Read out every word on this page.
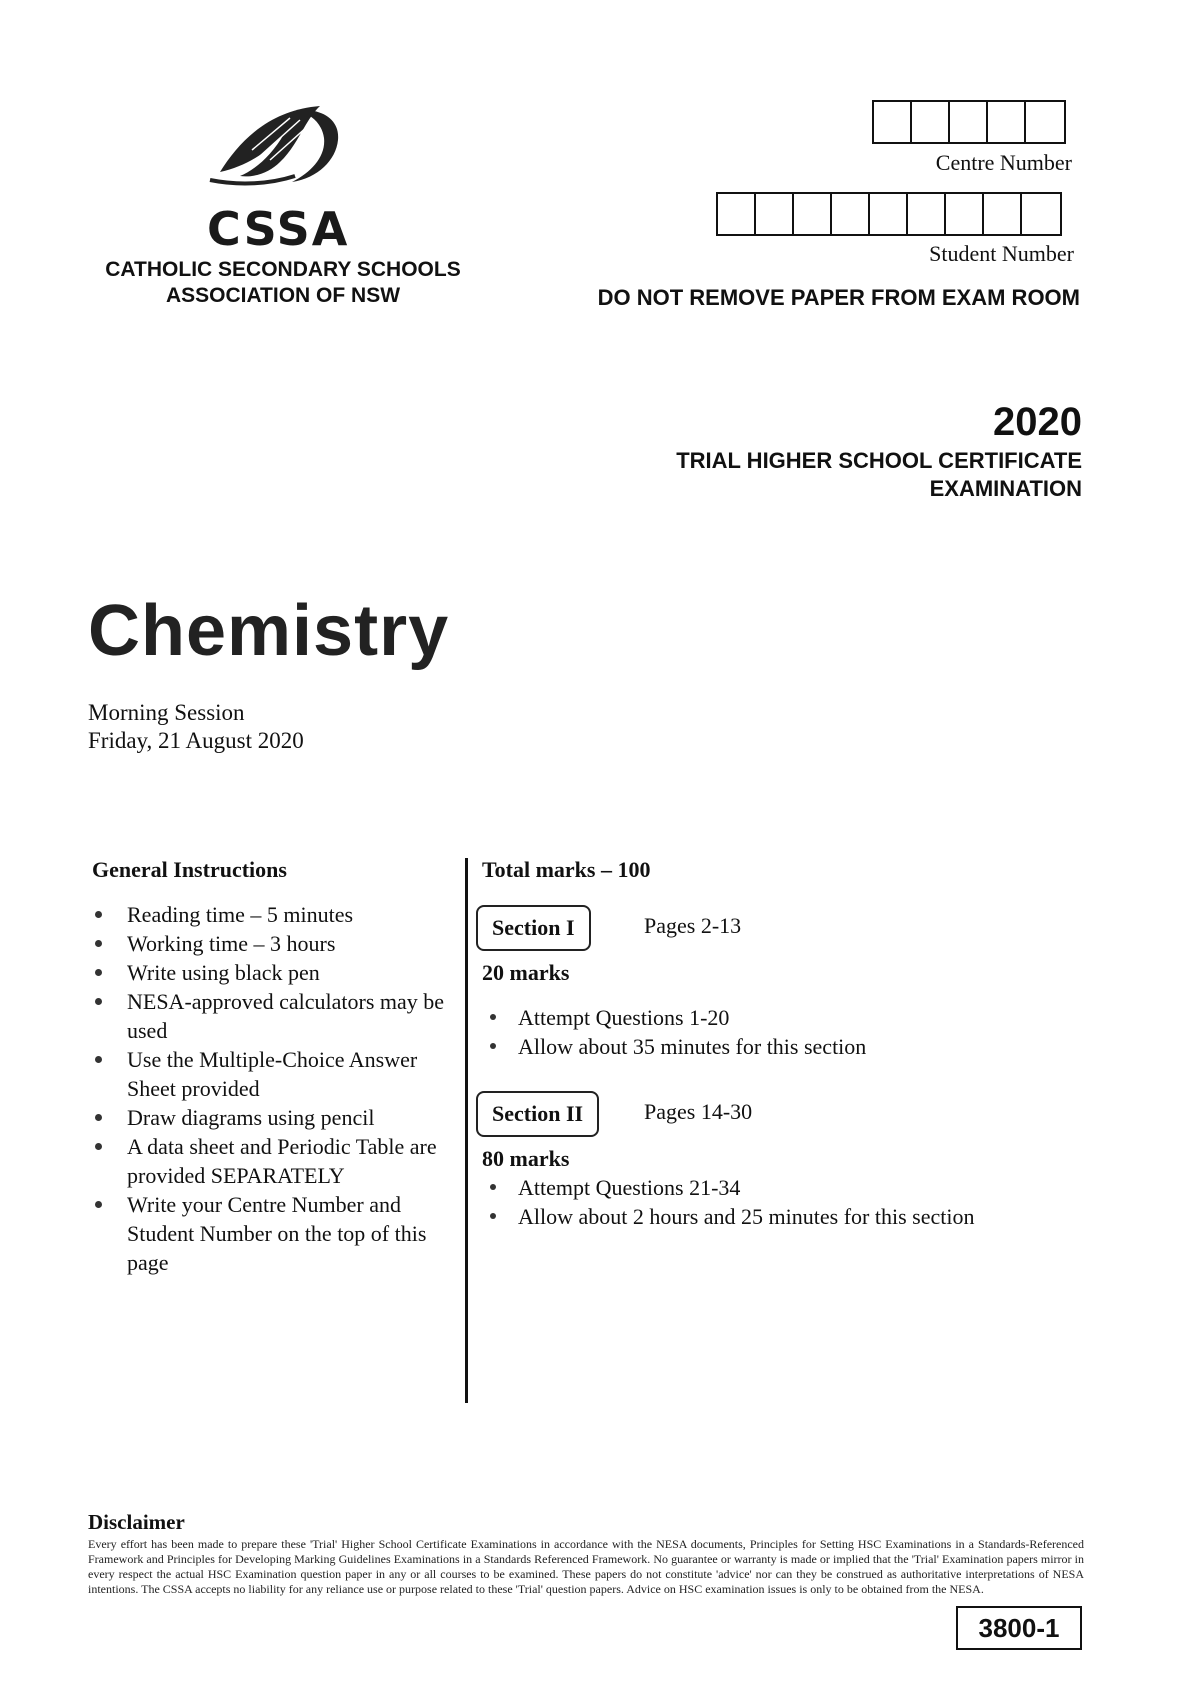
CSSA
CATHOLIC SECONDARY SCHOOLS
ASSOCIATION OF NSW
Centre Number
Student Number
DO NOT REMOVE PAPER FROM EXAM ROOM
2020
TRIAL HIGHER SCHOOL CERTIFICATE
EXAMINATION
Chemistry
Morning Session
Friday, 21 August 2020
General Instructions
Reading time – 5 minutes
Working time – 3 hours
Write using black pen
NESA-approved calculators may be used
Use the Multiple-Choice Answer Sheet provided
Draw diagrams using pencil
A data sheet and Periodic Table are provided SEPARATELY
Write your Centre Number and Student Number on the top of this page
Total marks – 100
Section I	Pages 2-13
20 marks
Attempt Questions 1-20
Allow about 35 minutes for this section
Section II	Pages 14-30
80 marks
Attempt Questions 21-34
Allow about 2 hours and 25 minutes for this section
Disclaimer
Every effort has been made to prepare these 'Trial' Higher School Certificate Examinations in accordance with the NESA documents, Principles for Setting HSC Examinations in a Standards-Referenced Framework and Principles for Developing Marking Guidelines Examinations in a Standards Referenced Framework. No guarantee or warranty is made or implied that the 'Trial' Examination papers mirror in every respect the actual HSC Examination question paper in any or all courses to be examined. These papers do not constitute 'advice' nor can they be construed as authoritative interpretations of NESA intentions. The CSSA accepts no liability for any reliance use or purpose related to these 'Trial' question papers. Advice on HSC examination issues is only to be obtained from the NESA.
3800-1
